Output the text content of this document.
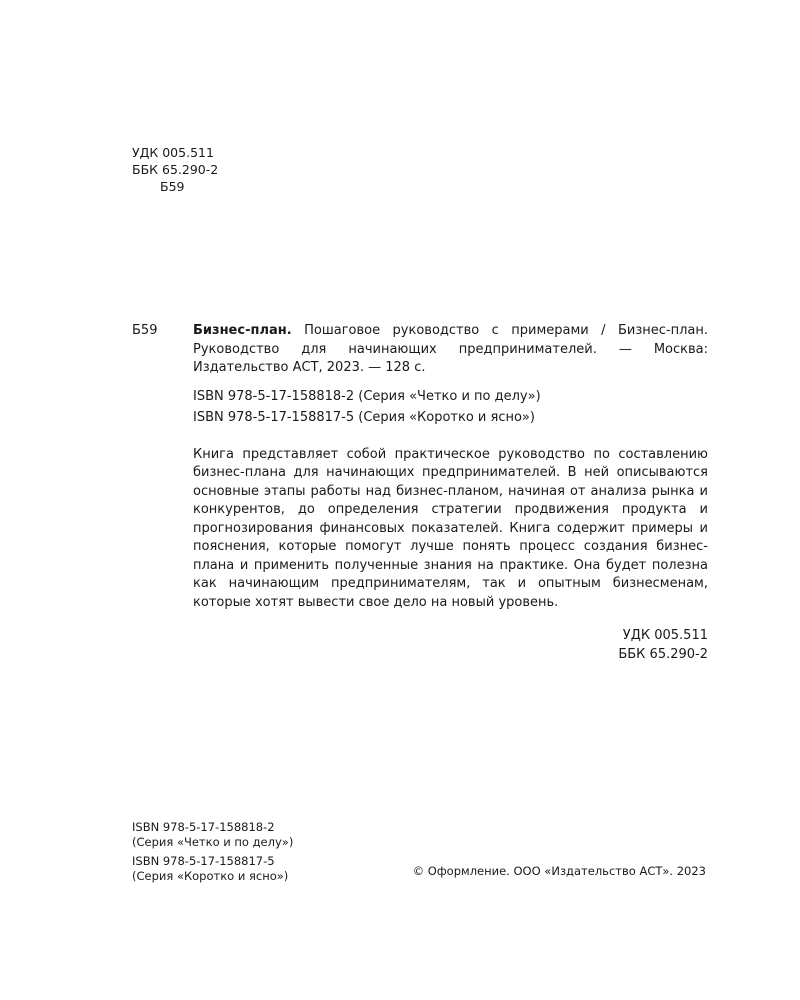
УДК 005.511
ББК 65.290-2
Б59
Б59	Бизнес-план. Пошаговое руководство с примерами / Бизнес-план. Руководство для начинающих предпринимателей. — Москва: Издательство АСТ, 2023. — 128 с.

ISBN 978-5-17-158818-2 (Серия «Четко и по делу»)
ISBN 978-5-17-158817-5 (Серия «Коротко и ясно»)

Книга представляет собой практическое руководство по составлению бизнес-плана для начинающих предпринимателей. В ней описываются основные этапы работы над бизнес-планом, начиная от анализа рынка и конкурентов, до определения стратегии продвижения продукта и прогнозирования финансовых показателей. Книга содержит примеры и пояснения, которые помогут лучше понять процесс создания бизнес-плана и применить полученные знания на практике. Она будет полезна как начинающим предпринимателям, так и опытным бизнесменам, которые хотят вывести свое дело на новый уровень.

УДК 005.511
ББК 65.290-2
ISBN 978-5-17-158818-2
(Серия «Четко и по делу»)
ISBN 978-5-17-158817-5
(Серия «Коротко и ясно»)	© Оформление. ООО «Издательство АСТ». 2023
